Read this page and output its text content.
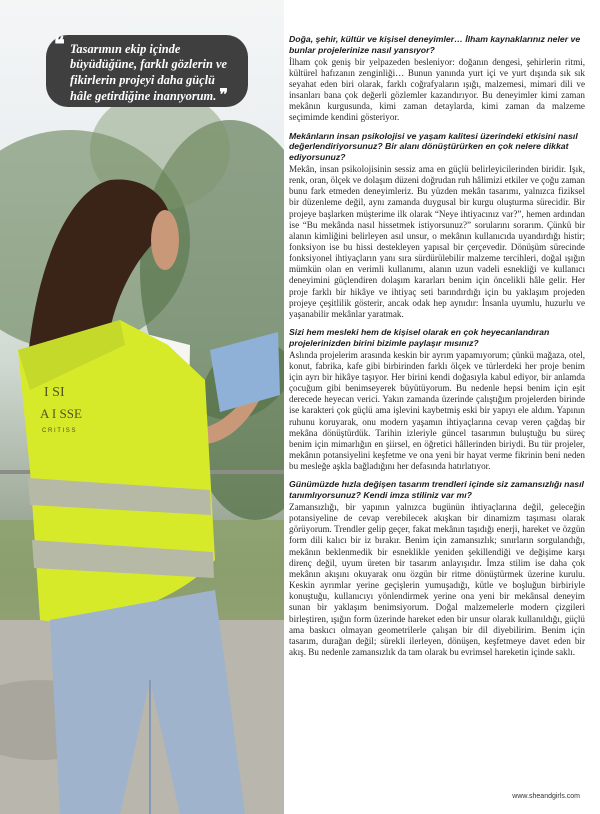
I SI
A I SSE
C R I T I S S
❝ Tasarımın ekip içinde büyüdüğüne, farklı gözlerin ve fikirlerin projeyi daha güçlü hâle getirdiğine inanıyorum. ❞

Doğa, şehir, kültür ve kişisel deneyimler… İlham kaynaklarınız neler ve bunlar projelerinize nasıl yansıyor?

İlham çok geniş bir yelpazeden besleniyor: doğanın dengesi, şehirlerin ritmi, kültürel hafızanın zenginliği… Bunun yanında yurt içi ve yurt dışında sık sık seyahat eden biri olarak, farklı coğrafyaların ışığı, malzemesi, mimari dili ve insanları bana çok değerli gözlemler kazandırıyor. Bu deneyimler kimi zaman mekânın kurgusunda, kimi zaman detaylarda, kimi zaman da malzeme seçimimde kendini gösteriyor.

Mekânların insan psikolojisi ve yaşam kalitesi üzerindeki etkisini nasıl değerlendiriyorsunuz? Bir alanı dönüştürürken en çok nelere dikkat ediyorsunuz?

Mekân, insan psikolojisinin sessiz ama en güçlü belirleyicilerinden biridir. Işık, renk, oran, ölçek ve dolaşım düzeni doğrudan ruh hâlimizi etkiler ve çoğu zaman bunu fark etmeden deneyimleriz. Bu yüzden mekân tasarımı, yalnızca fiziksel bir düzenleme değil, aynı zamanda duygusal bir kurgu oluşturma sürecidir. Bir projeye başlarken müşterime ilk olarak “Neye ihtiyacınız var?”, hemen ardından ise “Bu mekânda nasıl hissetmek istiyorsunuz?” sorularını sorarım. Çünkü bir alanın kimliğini belirleyen asıl unsur, o mekânın kullanıcıda uyandırdığı histir; fonksiyon ise bu hissi destekleyen yapısal bir çerçevedir. Dönüşüm sürecinde fonksiyonel ihtiyaçların yanı sıra sürdürülebilir malzeme tercihleri, doğal ışığın mümkün olan en verimli kullanımı, alanın uzun vadeli esnekliği ve kullanıcı deneyimini güçlendiren dolaşım kararları benim için öncelikli hâle gelir. Her proje farklı bir hikâye ve ihtiyaç seti barındırdığı için bu yaklaşım projeden projeye çeşitlilik gösterir, ancak odak hep aynıdır: İnsanla uyumlu, huzurlu ve yaşanabilir mekânlar yaratmak.

Sizi hem mesleki hem de kişisel olarak en çok heyecanlandıran projelerinizden birini bizimle paylaşır mısınız?

Aslında projelerim arasında keskin bir ayrım yapamıyorum; çünkü mağaza, otel, konut, fabrika, kafe gibi birbirinden farklı ölçek ve türlerdeki her proje benim için ayrı bir hikâye taşıyor. Her birini kendi doğasıyla kabul ediyor, bir anlamda çocuğum gibi benimseyerek büyütüyorum. Bu nedenle hepsi benim için eşit derecede heyecan verici. Yakın zamanda üzerinde çalıştığım projelerden birinde ise karakteri çok güçlü ama işlevini kaybetmiş eski bir yapıyı ele aldım. Yapının ruhunu koruyarak, onu modern yaşamın ihtiyaçlarına cevap veren çağdaş bir mekâna dönüştürdük. Tarihin izleriyle güncel tasarımın buluştuğu bu süreç benim için mimarlığın en şiirsel, en öğretici hâllerinden biriydi. Bu tür projeler, mekânın potansiyelini keşfetme ve ona yeni bir hayat verme fikrinin beni neden bu mesleğe aşkla bağladığını her defasında hatırlatıyor.

Günümüzde hızla değişen tasarım trendleri içinde siz zamansızlığı nasıl tanımlıyorsunuz? Kendi imza stiliniz var mı?

Zamansızlığı, bir yapının yalnızca bugünün ihtiyaçlarına değil, geleceğin potansiyeline de cevap verebilecek akışkan bir dinamizm taşıması olarak görüyorum. Trendler gelip geçer, fakat mekânın taşıdığı enerji, hareket ve özgün form dili kalıcı bir iz bırakır. Benim için zamansızlık; sınırların sorgulandığı, mekânın beklenmedik bir esneklikle yeniden şekillendiği ve değişime karşı direnç değil, uyum üreten bir tasarım anlayışıdır. İmza stilim ise daha çok mekânın akışını okuyarak onu özgün bir ritme dönüştürmek üzerine kurulu. Keskin ayrımlar yerine geçişlerin yumuşadığı, kütle ve boşluğun birbiriyle konuştuğu, kullanıcıyı yönlendirmek yerine ona yeni bir mekânsal deneyim sunan bir yaklaşım benimsiyorum. Doğal malzemelerle modern çizgileri birleştiren, ışığın form üzerinde hareket eden bir unsur olarak kullanıldığı, güçlü ama baskıcı olmayan geometrilerle çalışan bir dil diyebilirim. Benim için tasarım, durağan değil; sürekli ilerleyen, dönüşen, keşfetmeye davet eden bir akış. Bu nedenle zamansızlık da tam olarak bu evrimsel hareketin içinde saklı.

www.sheandgirls.com
